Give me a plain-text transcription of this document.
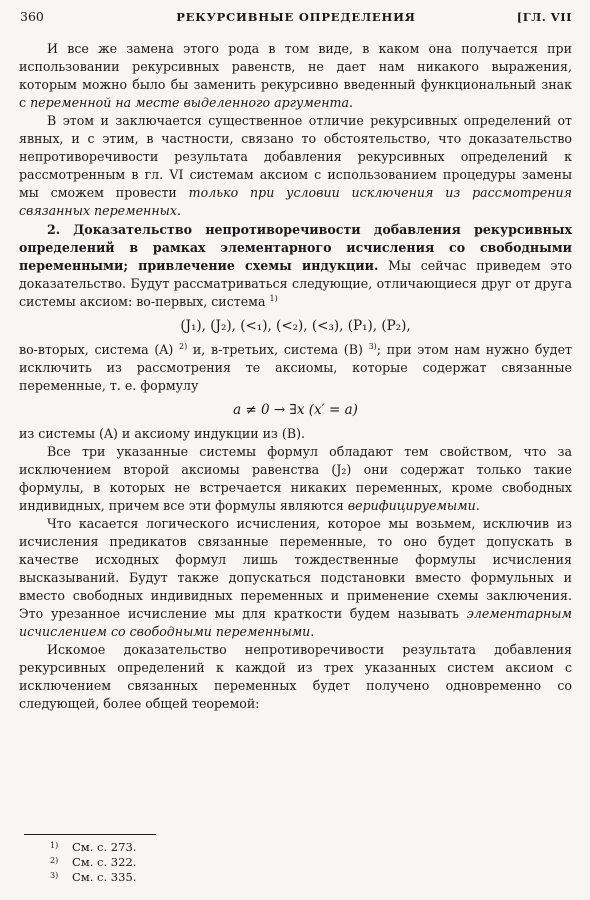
360	РЕКУРСИВНЫЕ ОПРЕДЕЛЕНИЯ	[ГЛ. VII

И все же замена этого рода в том виде, в каком она получается при использовании рекурсивных равенств, не дает нам никакого выражения, которым можно было бы заменить рекурсивно введенный функциональный знак с переменной на месте выделенного аргумента.

В этом и заключается существенное отличие рекурсивных определений от явных, и с этим, в частности, связано то обстоятельство, что доказательство непротиворечивости результата добавления рекурсивных определений к рассмотренным в гл. VI системам аксиом с использованием процедуры замены мы сможем провести только при условии исключения из рассмотрения связанных переменных.

2. Доказательство непротиворечивости добавления рекурсивных определений в рамках элементарного исчисления со свободными переменными; привлечение схемы индукции. Мы сейчас приведем это доказательство. Будут рассматриваться следующие, отличающиеся друг от друга системы аксиом: во-первых, система $^{1)}$

(J₁), (J₂), (<₁), (<₂), (<₃), (P₁), (P₂),

во-вторых, система (A) $^{2)}$ и, в-третьих, система (B) $^{3)}$; при этом нам нужно будет исключить из рассмотрения те аксиомы, которые содержат связанные переменные, т. е. формулу

a ≠ 0 → ∃x (x′ = a)

из системы (A) и аксиому индукции из (B).

Все три указанные системы формул обладают тем свойством, что за исключением второй аксиомы равенства (J₂) они содержат только такие формулы, в которых не встречается никаких переменных, кроме свободных индивидных, причем все эти формулы являются верифицируемыми.

Что касается логического исчисления, которое мы возьмем, исключив из исчисления предикатов связанные переменные, то оно будет допускать в качестве исходных формул лишь тождественные формулы исчисления высказываний. Будут также допускаться подстановки вместо формульных и вместо свободных индивидных переменных и применение схемы заключения. Это урезанное исчисление мы для краткости будем называть элементарным исчислением со свободными переменными.

Искомое доказательство непротиворечивости результата добавления рекурсивных определений к каждой из трех указанных систем аксиом с исключением связанных переменных будет получено одновременно со следующей, более общей теоремой:

1) См. с. 273.
2) См. с. 322.
3) См. с. 335.
